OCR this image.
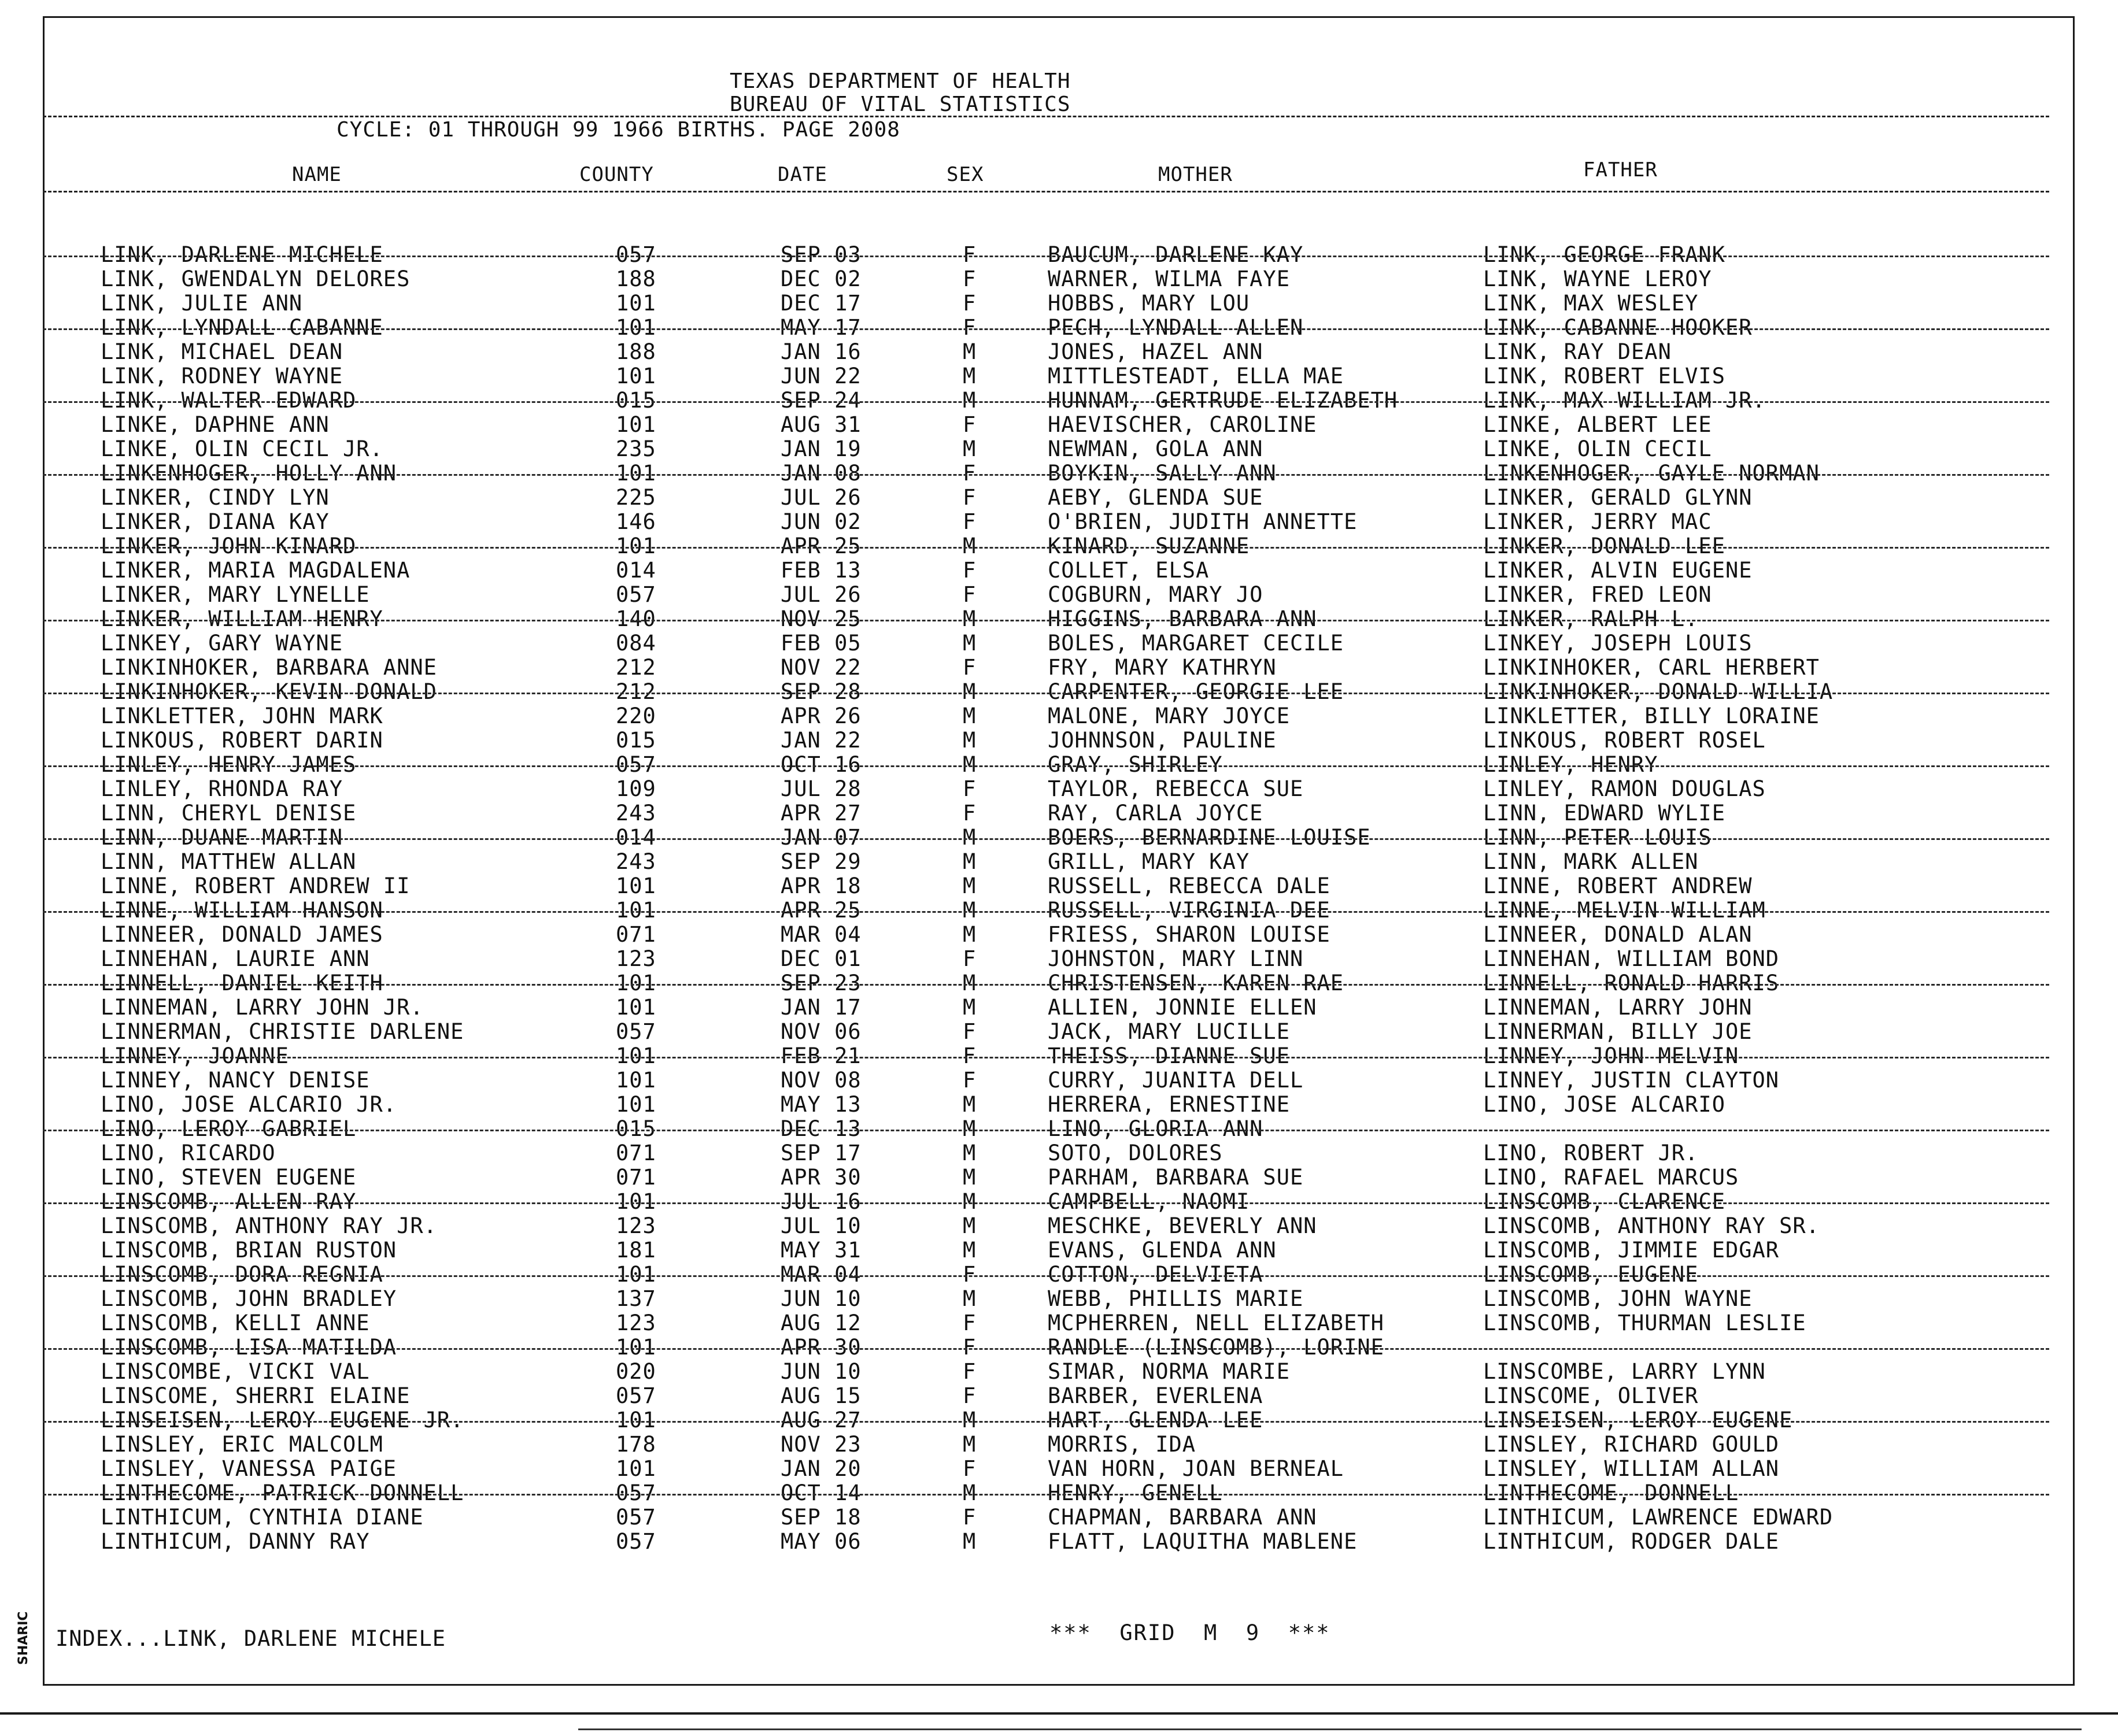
TEXAS DEPARTMENT OF HEALTH
BUREAU OF VITAL STATISTICS
CYCLE: 01 THROUGH 99 1966 BIRTHS. PAGE 2008
NAME	COUNTY	DATE	SEX	MOTHER	FATHER
LINK, DARLENE MICHELE	057	SEP 03	F	BAUCUM, DARLENE KAY	LINK, GEORGE FRANK
LINK, GWENDALYN DELORES	188	DEC 02	F	WARNER, WILMA FAYE	LINK, WAYNE LEROY
LINK, JULIE ANN	101	DEC 17	F	HOBBS, MARY LOU	LINK, MAX WESLEY
LINK, LYNDALL CABANNE	101	MAY 17	F	PECH, LYNDALL ALLEN	LINK, CABANNE HOOKER
LINK, MICHAEL DEAN	188	JAN 16	M	JONES, HAZEL ANN	LINK, RAY DEAN
LINK, RODNEY WAYNE	101	JUN 22	M	MITTLESTEADT, ELLA MAE	LINK, ROBERT ELVIS
LINK, WALTER EDWARD	015	SEP 24	M	HUNNAM, GERTRUDE ELIZABETH	LINK, MAX WILLIAM JR.
LINKE, DAPHNE ANN	101	AUG 31	F	HAEVISCHER, CAROLINE	LINKE, ALBERT LEE
LINKE, OLIN CECIL JR.	235	JAN 19	M	NEWMAN, GOLA ANN	LINKE, OLIN CECIL
LINKENHOGER, HOLLY ANN	101	JAN 08	F	BOYKIN, SALLY ANN	LINKENHOGER, GAYLE NORMAN
LINKER, CINDY LYN	225	JUL 26	F	AEBY, GLENDA SUE	LINKER, GERALD GLYNN
LINKER, DIANA KAY	146	JUN 02	F	O'BRIEN, JUDITH ANNETTE	LINKER, JERRY MAC
LINKER, JOHN KINARD	101	APR 25	M	KINARD, SUZANNE	LINKER, DONALD LEE
LINKER, MARIA MAGDALENA	014	FEB 13	F	COLLET, ELSA	LINKER, ALVIN EUGENE
LINKER, MARY LYNELLE	057	JUL 26	F	COGBURN, MARY JO	LINKER, FRED LEON
LINKER, WILLIAM HENRY	140	NOV 25	M	HIGGINS, BARBARA ANN	LINKER, RALPH L.
LINKEY, GARY WAYNE	084	FEB 05	M	BOLES, MARGARET CECILE	LINKEY, JOSEPH LOUIS
LINKINHOKER, BARBARA ANNE	212	NOV 22	F	FRY, MARY KATHRYN	LINKINHOKER, CARL HERBERT
LINKINHOKER, KEVIN DONALD	212	SEP 28	M	CARPENTER, GEORGIE LEE	LINKINHOKER, DONALD WILLIA
LINKLETTER, JOHN MARK	220	APR 26	M	MALONE, MARY JOYCE	LINKLETTER, BILLY LORAINE
LINKOUS, ROBERT DARIN	015	JAN 22	M	JOHNNSON, PAULINE	LINKOUS, ROBERT ROSEL
LINLEY, HENRY JAMES	057	OCT 16	M	GRAY, SHIRLEY	LINLEY, HENRY
LINLEY, RHONDA RAY	109	JUL 28	F	TAYLOR, REBECCA SUE	LINLEY, RAMON DOUGLAS
LINN, CHERYL DENISE	243	APR 27	F	RAY, CARLA JOYCE	LINN, EDWARD WYLIE
LINN, DUANE MARTIN	014	JAN 07	M	BOERS, BERNARDINE LOUISE	LINN, PETER LOUIS
LINN, MATTHEW ALLAN	243	SEP 29	M	GRILL, MARY KAY	LINN, MARK ALLEN
LINNE, ROBERT ANDREW II	101	APR 18	M	RUSSELL, REBECCA DALE	LINNE, ROBERT ANDREW
LINNE, WILLIAM HANSON	101	APR 25	M	RUSSELL, VIRGINIA DEE	LINNE, MELVIN WILLIAM
LINNEER, DONALD JAMES	071	MAR 04	M	FRIESS, SHARON LOUISE	LINNEER, DONALD ALAN
LINNEHAN, LAURIE ANN	123	DEC 01	F	JOHNSTON, MARY LINN	LINNEHAN, WILLIAM BOND
LINNELL, DANIEL KEITH	101	SEP 23	M	CHRISTENSEN, KAREN RAE	LINNELL, RONALD HARRIS
LINNEMAN, LARRY JOHN JR.	101	JAN 17	M	ALLIEN, JONNIE ELLEN	LINNEMAN, LARRY JOHN
LINNERMAN, CHRISTIE DARLENE	057	NOV 06	F	JACK, MARY LUCILLE	LINNERMAN, BILLY JOE
LINNEY, JOANNE	101	FEB 21	F	THEISS, DIANNE SUE	LINNEY, JOHN MELVIN
LINNEY, NANCY DENISE	101	NOV 08	F	CURRY, JUANITA DELL	LINNEY, JUSTIN CLAYTON
LINO, JOSE ALCARIO JR.	101	MAY 13	M	HERRERA, ERNESTINE	LINO, JOSE ALCARIO
LINO, LEROY GABRIEL	015	DEC 13	M	LINO, GLORIA ANN
LINO, RICARDO	071	SEP 17	M	SOTO, DOLORES	LINO, ROBERT JR.
LINO, STEVEN EUGENE	071	APR 30	M	PARHAM, BARBARA SUE	LINO, RAFAEL MARCUS
LINSCOMB, ALLEN RAY	101	JUL 16	M	CAMPBELL, NAOMI	LINSCOMB, CLARENCE
LINSCOMB, ANTHONY RAY JR.	123	JUL 10	M	MESCHKE, BEVERLY ANN	LINSCOMB, ANTHONY RAY SR.
LINSCOMB, BRIAN RUSTON	181	MAY 31	M	EVANS, GLENDA ANN	LINSCOMB, JIMMIE EDGAR
LINSCOMB, DORA REGNIA	101	MAR 04	F	COTTON, DELVIETA	LINSCOMB, EUGENE
LINSCOMB, JOHN BRADLEY	137	JUN 10	M	WEBB, PHILLIS MARIE	LINSCOMB, JOHN WAYNE
LINSCOMB, KELLI ANNE	123	AUG 12	F	MCPHERREN, NELL ELIZABETH	LINSCOMB, THURMAN LESLIE
LINSCOMB, LISA MATILDA	101	APR 30	F	RANDLE (LINSCOMB), LORINE
LINSCOMBE, VICKI VAL	020	JUN 10	F	SIMAR, NORMA MARIE	LINSCOMBE, LARRY LYNN
LINSCOME, SHERRI ELAINE	057	AUG 15	F	BARBER, EVERLENA	LINSCOME, OLIVER
LINSEISEN, LEROY EUGENE JR.	101	AUG 27	M	HART, GLENDA LEE	LINSEISEN, LEROY EUGENE
LINSLEY, ERIC MALCOLM	178	NOV 23	M	MORRIS, IDA	LINSLEY, RICHARD GOULD
LINSLEY, VANESSA PAIGE	101	JAN 20	F	VAN HORN, JOAN BERNEAL	LINSLEY, WILLIAM ALLAN
LINTHECOME, PATRICK DONNELL	057	OCT 14	M	HENRY, GENELL	LINTHECOME, DONNELL
LINTHICUM, CYNTHIA DIANE	057	SEP 18	F	CHAPMAN, BARBARA ANN	LINTHICUM, LAWRENCE EDWARD
LINTHICUM, DANNY RAY	057	MAY 06	M	FLATT, LAQUITHA MABLENE	LINTHICUM, RODGER DALE
INDEX...LINK, DARLENE MICHELE	***  GRID  M  9  ***
SHARIC
